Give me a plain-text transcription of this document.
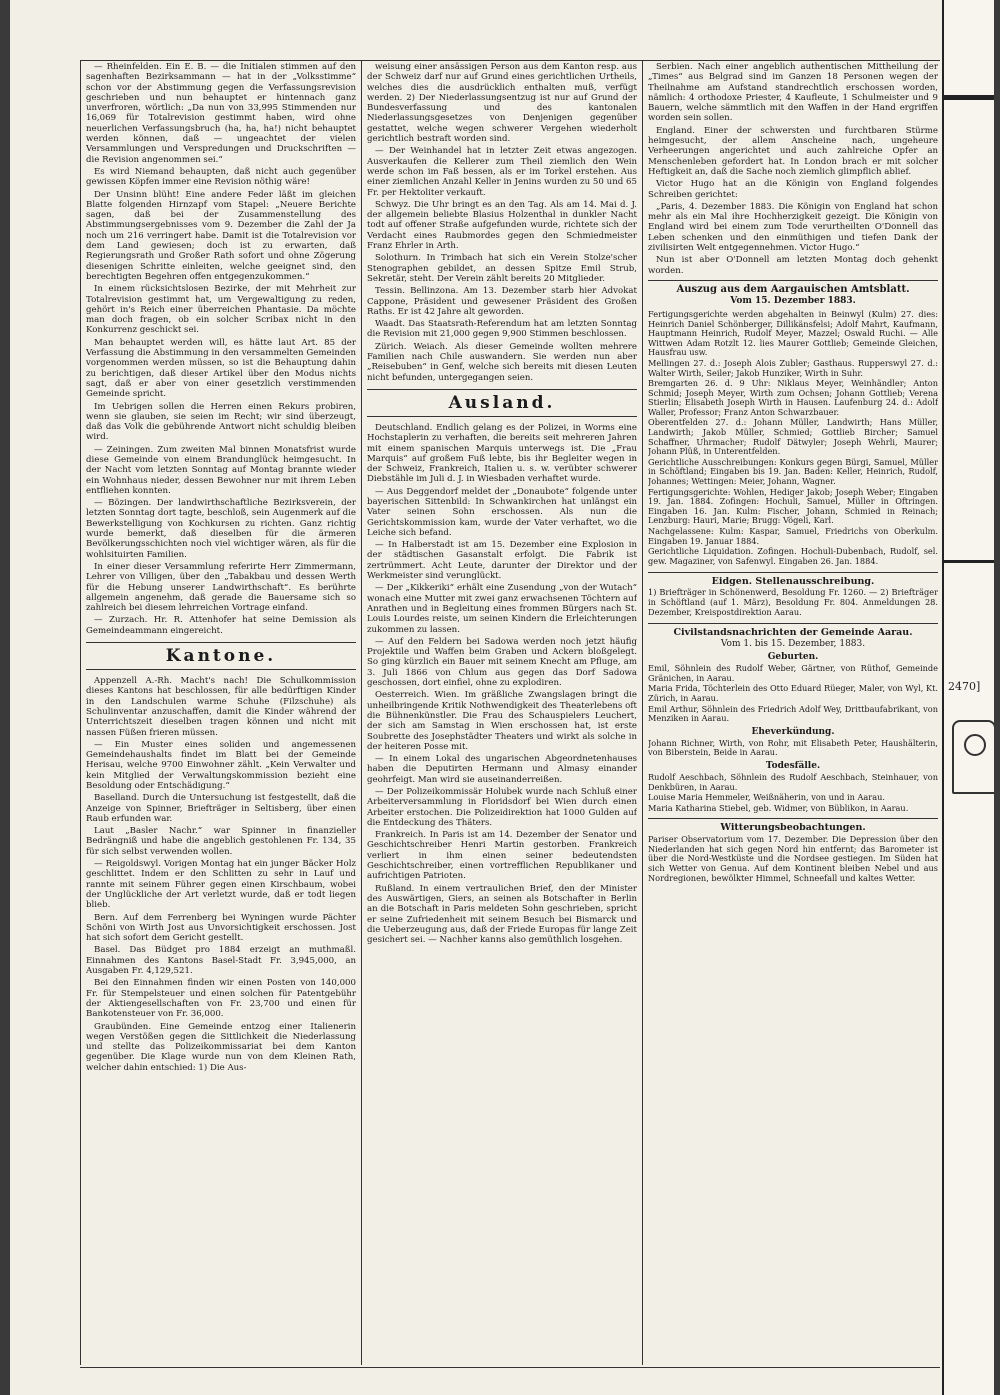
— Rheinfelden. Ein E. B. — die Initialen stimmen auf den sagenhaften Bezirksammann — hat in der „Volksstimme“ schon vor der Abstimmung gegen die Verfassungsrevision geschrieben und nun behauptet er hintennach ganz unverfroren, wörtlich: „Da nun von 33,995 Stimmenden nur 16,069 für Totalrevision gestimmt haben, wird ohne neuerlichen Verfassungsbruch (ha, ha, ha!) nicht behauptet werden können, daß — ungeachtet der vielen Versammlungen und Verspredungen und Druckschriften — die Revision angenommen sei.“

Es wird Niemand behaupten, daß nicht auch gegenüber gewissen Köpfen immer eine Revision nöthig wäre!

Der Unsinn blüht! Eine andere Feder läßt im gleichen Blatte folgenden Hirnzapf vom Stapel: „Neuere Berichte sagen, daß bei der Zusammenstellung des Abstimmungsergebnisses vom 9. Dezember die Zahl der Ja noch um 216 verringert habe. Damit ist die Totalrevision vor dem Land gewiesen; doch ist zu erwarten, daß Regierungsrath und Großer Rath sofort und ohne Zögerung diesenigen Schritte einleiten, welche geeignet sind, den berechtigten Begehren offen entgegenzukommen.“

In einem rücksichtslosen Bezirke, der mit Mehrheit zur Totalrevision gestimmt hat, um Vergewaltigung zu reden, gehört in's Reich einer überreichen Phantasie. Da möchte man doch fragen, ob ein solcher Scribax nicht in den Konkurrenz geschickt sei.

Man behauptet werden will, es hätte laut Art. 85 der Verfassung die Abstimmung in den versammelten Gemeinden vorgenommen werden müssen, so ist die Behauptung dahin zu berichtigen, daß dieser Artikel über den Modus nichts sagt, daß er aber von einer gesetzlich verstimmenden Gemeinde spricht.

Im Uebrigen sollen die Herren einen Rekurs probiren, wenn sie glauben, sie seien im Recht; wir sind überzeugt, daß das Volk die gebührende Antwort nicht schuldig bleiben wird.

— Zeiningen. Zum zweiten Mal binnen Monatsfrist wurde diese Gemeinde von einem Brandunglück heimgesucht. In der Nacht vom letzten Sonntag auf Montag brannte wieder ein Wohnhaus nieder, dessen Bewohner nur mit ihrem Leben entfliehen konnten.

— Bözingen. Der landwirthschaftliche Bezirksverein, der letzten Sonntag dort tagte, beschloß, sein Augenmerk auf die Bewerkstelligung von Kochkursen zu richten. Ganz richtig wurde bemerkt, daß dieselben für die ärmeren Bevölkerungsschichten noch viel wichtiger wären, als für die wohlsituirten Familien.

In einer dieser Versammlung referirte Herr Zimmermann, Lehrer von Villigen, über den „Tabakbau und dessen Werth für die Hebung unserer Landwirthschaft“. Es berührte allgemein angenehm, daß gerade die Bauersame sich so zahlreich bei diesem lehrreichen Vortrage einfand.

— Zurzach. Hr. R. Attenhofer hat seine Demission als Gemeindeammann eingereicht.

Kantone.

Appenzell A.-Rh. Macht's nach! Die Schulkommission dieses Kantons hat beschlossen, für alle bedürftigen Kinder in den Landschulen warme Schuhe (Filzschuhe) als Schulinventar anzuschaffen, damit die Kinder während der Unterrichtszeit dieselben tragen können und nicht mit nassen Füßen frieren müssen.

— Ein Muster eines soliden und angemessenen Gemeindehaushalts findet im Blatt bei der Gemeinde Herisau, welche 9700 Einwohner zählt. „Kein Verwalter und kein Mitglied der Verwaltungskommission bezieht eine Besoldung oder Entschädigung.“

Baselland. Durch die Untersuchung ist festgestellt, daß die Anzeige von Spinner, Briefträger in Seltisberg, über einen Raub erfunden war.

Laut „Basler Nachr.“ war Spinner in finanzieller Bedrängniß und habe die angeblich gestohlenen Fr. 134, 35 für sich selbst verwenden wollen.

— Reigoldswyl. Vorigen Montag hat ein junger Bäcker Holz geschlittet. Indem er den Schlitten zu sehr in Lauf und rannte mit seinem Führer gegen einen Kirschbaum, wobei der Unglückliche der Art verletzt wurde, daß er todt liegen blieb.

Bern. Auf dem Ferrenberg bei Wyningen wurde Pächter Schöni von Wirth Jost aus Unvorsichtigkeit erschossen. Jost hat sich sofort dem Gericht gestellt.

Basel. Das Büdget pro 1884 erzeigt an muthmaßl. Einnahmen des Kantons Basel-Stadt Fr. 3,945,000, an Ausgaben Fr. 4,129,521.

Bei den Einnahmen finden wir einen Posten von 140,000 Fr. für Stempelsteuer und einen solchen für Patentgebühr der Aktiengesellschaften von Fr. 23,700 und einen für Bankotensteuer von Fr. 36,000.

Graubünden. Eine Gemeinde entzog einer Italienerin wegen Verstößen gegen die Sittlichkeit die Niederlassung und stellte das Polizeikommissariat bei dem Kanton gegenüber. Die Klage wurde nun von dem Kleinen Rath, welcher dahin entschied: 1) Die Aus-

weisung einer ansässigen Person aus dem Kanton resp. aus der Schweiz darf nur auf Grund eines gerichtlichen Urtheils, welches dies die ausdrücklich enthalten muß, verfügt werden. 2) Der Niederlassungsentzug ist nur auf Grund der Bundesverfassung und des kantonalen Niederlassungsgesetzes von Denjenigen gegenüber gestattet, welche wegen schwerer Vergehen wiederholt gerichtlich bestraft worden sind.

— Der Weinhandel hat in letzter Zeit etwas angezogen. Ausverkaufen die Kellerer zum Theil ziemlich den Wein werde schon im Faß bessen, als er im Torkel erstehen. Aus einer ziemlichen Anzahl Keller in Jenins wurden zu 50 und 65 Fr. per Hektoliter verkauft.

Schwyz. Die Uhr bringt es an den Tag. Als am 14. Mai d. J. der allgemein beliebte Blasius Holzenthal in dunkler Nacht todt auf offener Straße aufgefunden wurde, richtete sich der Verdacht eines Raubmordes gegen den Schmiedmeister Franz Ehrler in Arth.

Solothurn. In Trimbach hat sich ein Verein Stolze'scher Stenographen gebildet, an dessen Spitze Emil Strub, Sekretär, steht. Der Verein zählt bereits 20 Mitglieder.

Tessin. Bellinzona. Am 13. Dezember starb hier Advokat Cappone, Präsident und gewesener Präsident des Großen Raths. Er ist 42 Jahre alt geworden.

Waadt. Das Staatsrath-Referendum hat am letzten Sonntag die Revision mit 21,000 gegen 9,900 Stimmen beschlossen.

Zürich. Weiach. Als dieser Gemeinde wollten mehrere Familien nach Chile auswandern. Sie werden nun aber „Reisebuben“ in Genf, welche sich bereits mit diesen Leuten nicht befunden, untergegangen seien.

Ausland.

Deutschland. Endlich gelang es der Polizei, in Worms eine Hochstaplerin zu verhaften, die bereits seit mehreren Jahren mit einem spanischen Marquis unterwegs ist. Die „Frau Marquis“ auf großem Fuß lebte, bis ihr Begleiter wegen in der Schweiz, Frankreich, Italien u. s. w. verübter schwerer Diebstähle im Juli d. J. in Wiesbaden verhaftet wurde.

— Aus Deggendorf meldet der „Donaubote“ folgende unter bayerischen Sittenbild: In Schwankirchen hat unlängst ein Vater seinen Sohn erschossen. Als nun die Gerichtskommission kam, wurde der Vater verhaftet, wo die Leiche sich befand.

— In Halberstadt ist am 15. Dezember eine Explosion in der städtischen Gasanstalt erfolgt. Die Fabrik ist zertrümmert. Acht Leute, darunter der Direktor und der Werkmeister sind verunglückt.

— Der „Kikkeriki“ erhält eine Zusendung „von der Wutach“ wonach eine Mutter mit zwei ganz erwachsenen Töchtern auf Anrathen und in Begleitung eines frommen Bürgers nach St. Louis Lourdes reiste, um seinen Kindern die Erleichterungen zukommen zu lassen.

— Auf den Feldern bei Sadowa werden noch jetzt häufig Projektile und Waffen beim Graben und Ackern bloßgelegt. So ging kürzlich ein Bauer mit seinem Knecht am Pfluge, am 3. Juli 1866 von Chlum aus gegen das Dorf Sadowa geschossen, dort einfiel, ohne zu explodiren.

Oesterreich. Wien. Im gräßliche Zwangslagen bringt die unheilbringende Kritik Nothwendigkeit des Theaterlebens oft die Bühnenkünstler. Die Frau des Schauspielers Leuchert, der sich am Samstag in Wien erschossen hat, ist erste Soubrette des Josephstädter Theaters und wirkt als solche in der heiteren Posse mit.

— In einem Lokal des ungarischen Abgeordnetenhauses haben die Deputirten Hermann und Almasy einander geohrfeigt. Man wird sie auseinanderreißen.

— Der Polizeikommissär Holubek wurde nach Schluß einer Arbeiterversammlung in Floridsdorf bei Wien durch einen Arbeiter erstochen. Die Polizeidirektion hat 1000 Gulden auf die Entdeckung des Thäters.

Frankreich. In Paris ist am 14. Dezember der Senator und Geschichtschreiber Henri Martin gestorben. Frankreich verliert in ihm einen seiner bedeutendsten Geschichtschreiber, einen vortrefflichen Republikaner und aufrichtigen Patrioten.

Rußland. In einem vertraulichen Brief, den der Minister des Auswärtigen, Giers, an seinen als Botschafter in Berlin an die Botschaft in Paris meldeten Sohn geschrieben, spricht er seine Zufriedenheit mit seinem Besuch bei Bismarck und die Ueberzeugung aus, daß der Friede Europas für lange Zeit gesichert sei. — Nachher kanns also gemüthlich losgehen.

Serbien. Nach einer angeblich authentischen Mittheilung der „Times“ aus Belgrad sind im Ganzen 18 Personen wegen der Theilnahme am Aufstand standrechtlich erschossen worden, nämlich: 4 orthodoxe Priester, 4 Kaufleute, 1 Schulmeister und 9 Bauern, welche sämmtlich mit den Waffen in der Hand ergriffen worden sein sollen.

England. Einer der schwersten und furchtbaren Stürme heimgesucht, der allem Anscheine nach, ungeheure Verheerungen angerichtet und auch zahlreiche Opfer an Menschenleben gefordert hat. In London brach er mit solcher Heftigkeit an, daß die Sache noch ziemlich glimpflich ablief.

Victor Hugo hat an die Königin von England folgendes Schreiben gerichtet:

„Paris, 4. Dezember 1883. Die Königin von England hat schon mehr als ein Mal ihre Hochherzigkeit gezeigt. Die Königin von England wird bei einem zum Tode verurtheilten O'Donnell das Leben schenken und den einmüthigen und tiefen Dank der zivilisirten Welt entgegennehmen. Victor Hugo.“

Nun ist aber O'Donnell am letzten Montag doch gehenkt worden.

Auszug aus dem Aargauischen Amtsblatt.
Vom 15. Dezember 1883.

Fertigungsgerichte werden abgehalten in Beinwyl (Kulm) 27. dies: Heinrich Daniel Schönberger, Dillikänsfelsi; Adolf Mahrt, Kaufmann, Hauptmann Heinrich, Rudolf Meyer, Mazzel; Oswald Ruchi. — Alle Wittwen Adam Rotzlt 12. lies Maurer Gottlieb; Gemeinde Gleichen, Hausfrau usw.

Mellingen 27. d.: Joseph Alois Zubler; Gasthaus. Rupperswyl 27. d.: Walter Wirth, Seiler; Jakob Hunziker, Wirth in Suhr.

Bremgarten 26. d. 9 Uhr: Niklaus Meyer, Weinhändler; Anton Schmid; Joseph Meyer, Wirth zum Ochsen; Johann Gottlieb; Verena Stierlin; Elisabeth Joseph Wirth in Hausen. Laufenburg 24. d.: Adolf Waller, Professor; Franz Anton Schwarzbauer.

Oberentfelden 27. d.: Johann Müller, Landwirth; Hans Müller, Landwirth; Jakob Müller, Schmied; Gottlieb Bircher; Samuel Schaffner, Uhrmacher; Rudolf Dätwyler; Joseph Wehrli, Maurer; Johann Plüß, in Unterentfelden.

Gerichtliche Ausschreibungen: Konkurs gegen Bürgi, Samuel, Müller in Schöftland; Eingaben bis 19. Jan. Baden: Keller, Heinrich, Rudolf, Johannes; Wettingen: Meier, Johann, Wagner.

Fertigungsgerichte: Wohlen, Hediger Jakob; Joseph Weber; Eingaben 19. Jan. 1884. Zofingen: Hochuli, Samuel, Müller in Oftringen. Eingaben 16. Jan. Kulm: Fischer, Johann, Schmied in Reinach; Lenzburg: Hauri, Marie; Brugg: Vögeli, Karl.

Nachgelassene: Kulm: Kaspar, Samuel, Friedrichs von Oberkulm. Eingaben 19. Januar 1884.

Gerichtliche Liquidation. Zofingen. Hochuli-Dubenbach, Rudolf, sel. gew. Magaziner, von Safenwyl. Eingaben 26. Jan. 1884.

Eidgen. Stellenausschreibung.

1) Briefträger in Schönenwerd, Besoldung Fr. 1260. — 2) Briefträger in Schöftland (auf 1. März), Besoldung Fr. 804. Anmeldungen 28. Dezember, Kreispostdirektion Aarau.

Civilstandsnachrichten der Gemeinde Aarau.
Vom 1. bis 15. Dezember, 1883.
Geburten.

Emil, Söhnlein des Rudolf Weber, Gärtner, von Rüthof, Gemeinde Gränichen, in Aarau.

Maria Frida, Töchterlein des Otto Eduard Rüeger, Maler, von Wyl, Kt. Zürich, in Aarau.

Emil Arthur, Söhnlein des Friedrich Adolf Wey, Drittbaufabrikant, von Menziken in Aarau.

Eheverkündung.

Johann Richner, Wirth, von Rohr, mit Elisabeth Peter, Haushälterin, von Biberstein, Beide in Aarau.

Todesfälle.

Rudolf Aeschbach, Söhnlein des Rudolf Aeschbach, Steinhauer, von Denkbüren, in Aarau.

Louise Maria Hemmeler, Weißnäherin, von und in Aarau.

Maria Katharina Stiebel, geb. Widmer, von Büblikon, in Aarau.

Witterungsbeobachtungen.

Pariser Observatorium vom 17. Dezember. Die Depression über den Niederlanden hat sich gegen Nord hin entfernt; das Barometer ist über die Nord-Westküste und die Nordsee gestiegen. Im Süden hat sich Wetter von Genua. Auf dem Kontinent bleiben Nebel und aus Nordregionen, bewölkter Himmel, Schneefall und kaltes Wetter.

2470]
